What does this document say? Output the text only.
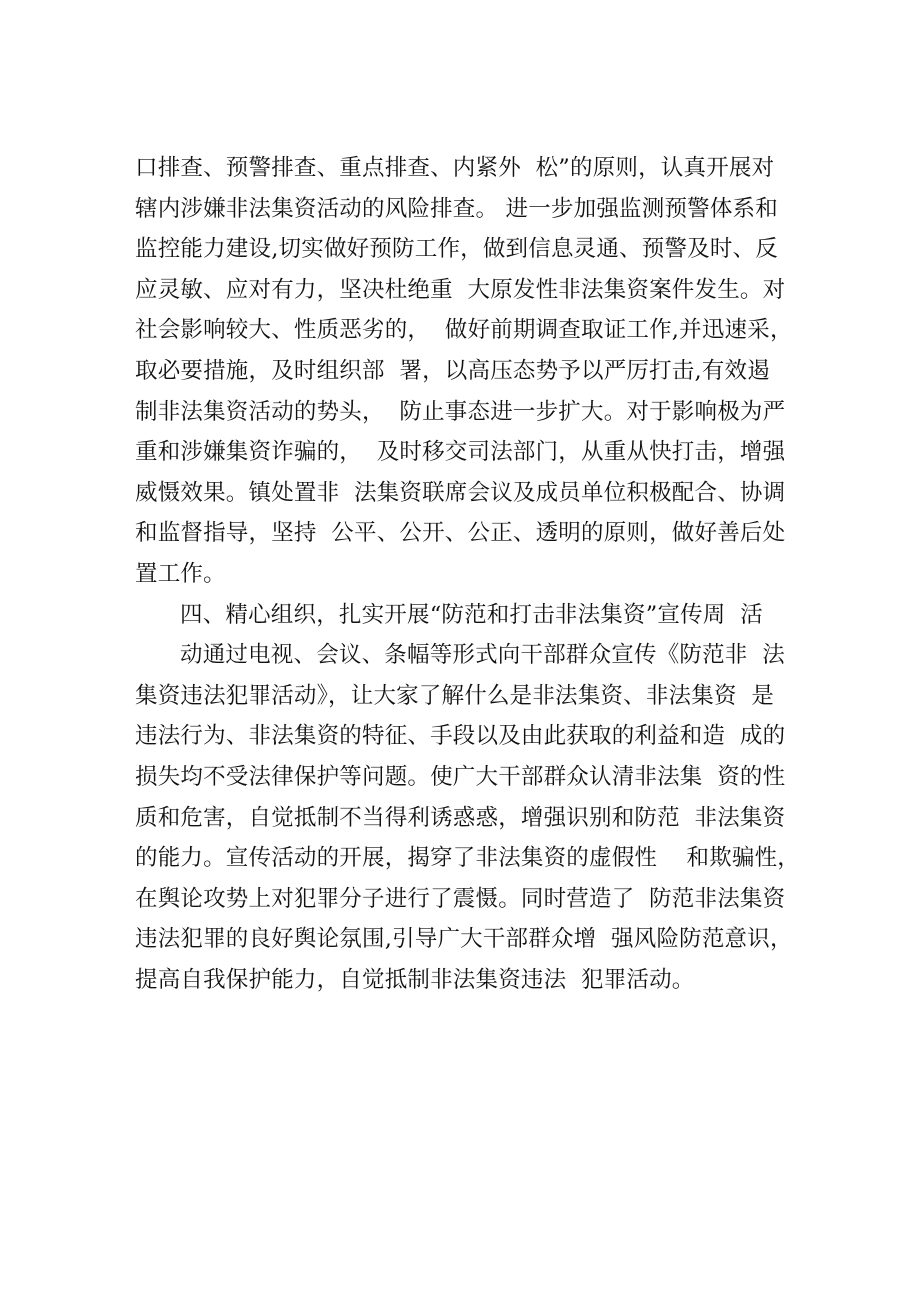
口排查、预警排查、重点排查、内紧外  松”的原则，认真开展对
辖内涉嫌非法集资活动的风险排查。 进一步加强监测预警体系和
监控能力建设,切实做好预防工作，做到信息灵通、预警及时、反
应灵敏、应对有力，坚决杜绝重  大原发性非法集资案件发生。对
社会影响较大、性质恶劣的，  做好前期调查取证工作,并迅速采，
取必要措施，及时组织部  署，以高压态势予以严厉打击,有效遏
制非法集资活动的势头，  防止事态进一步扩大。对于影响极为严
重和涉嫌集资诈骗的，  及时移交司法部门，从重从快打击，增强
威慑效果。镇处置非  法集资联席会议及成员单位积极配合、协调
和监督指导，坚持  公平、公开、公正、透明的原则，做好善后处
置工作。
四、精心组织，扎实开展“防范和打击非法集资”宣传周  活
动通过电视、会议、条幅等形式向干部群众宣传《防范非  法
集资违法犯罪活动》，让大家了解什么是非法集资、非法集资  是
违法行为、非法集资的特征、手段以及由此获取的利益和造  成的
损失均不受法律保护等问题。使广大干部群众认清非法集  资的性
质和危害，自觉抵制不当得利诱惑惑，增强识别和防范  非法集资
的能力。宣传活动的开展，揭穿了非法集资的虚假性    和欺骗性，
在舆论攻势上对犯罪分子进行了震慑。同时营造了  防范非法集资
违法犯罪的良好舆论氛围,引导广大干部群众增  强风险防范意识，
提高自我保护能力，自觉抵制非法集资违法  犯罪活动。
